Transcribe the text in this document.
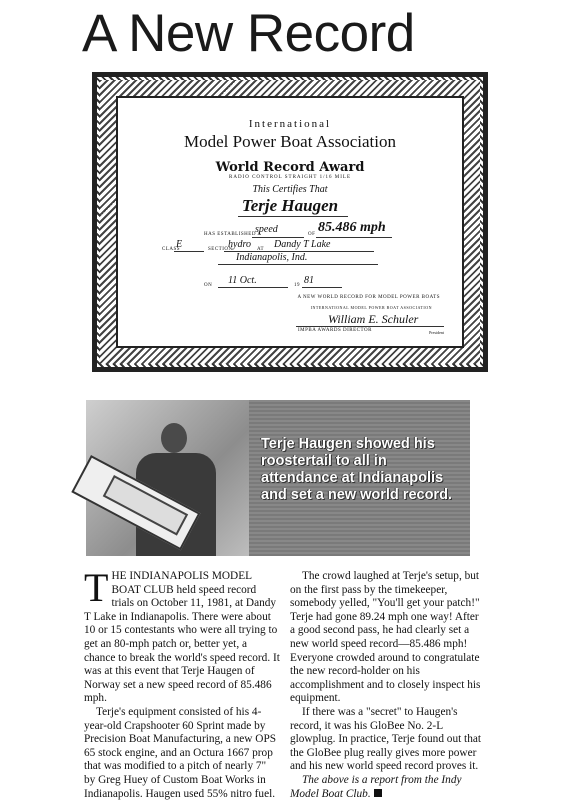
A New Record
International
Model Power Boat Association
World Record Award
RADIO CONTROL STRAIGHT 1/16 MILE
This Certifies That
Terje Haugen
HAS ESTABLISHED A
speed	OF 85.486 mph
CLASS
E	SECTION
hydro AT Dandy T Lake
Indianapolis, Ind.
ON 11 Oct.	19 81
A NEW WORLD RECORD FOR MODEL POWER BOATS
INTERNATIONAL MODEL POWER BOAT ASSOCIATION
William E. Schuler
IMPBA AWARDS DIRECTOR	President
Terje Haugen showed his roostertail to all in attendance at Indianapolis and set a new world record.

THE INDIANAPOLIS MODEL BOAT CLUB held speed record trials on October 11, 1981, at Dandy T Lake in Indianapolis. There were about 10 or 15 contestants who were all trying to get an 80-mph patch or, better yet, a chance to break the world's speed record. It was at this event that Terje Haugen of Norway set a new speed record of 85.486 mph.

Terje's equipment consisted of his 4-year-old Crapshooter 60 Sprint made by Precision Boat Manufacturing, a new OPS 65 stock engine, and an Octura 1667 prop that was modified to a pitch of nearly 7" by Greg Huey of Custom Boat Works in Indianapolis. Haugen used 55% nitro fuel.

The crowd laughed at Terje's setup, but on the first pass by the timekeeper, somebody yelled, "You'll get your patch!" Terje had gone 89.24 mph one way! After a good second pass, he had clearly set a new world speed record—85.486 mph! Everyone crowded around to congratulate the new record-holder on his accomplishment and to closely inspect his equipment.

If there was a "secret" to Haugen's record, it was his GloBee No. 2-L glowplug. In practice, Terje found out that the GloBee plug really gives more power and his new world speed record proves it.

The above is a report from the Indy Model Boat Club.
